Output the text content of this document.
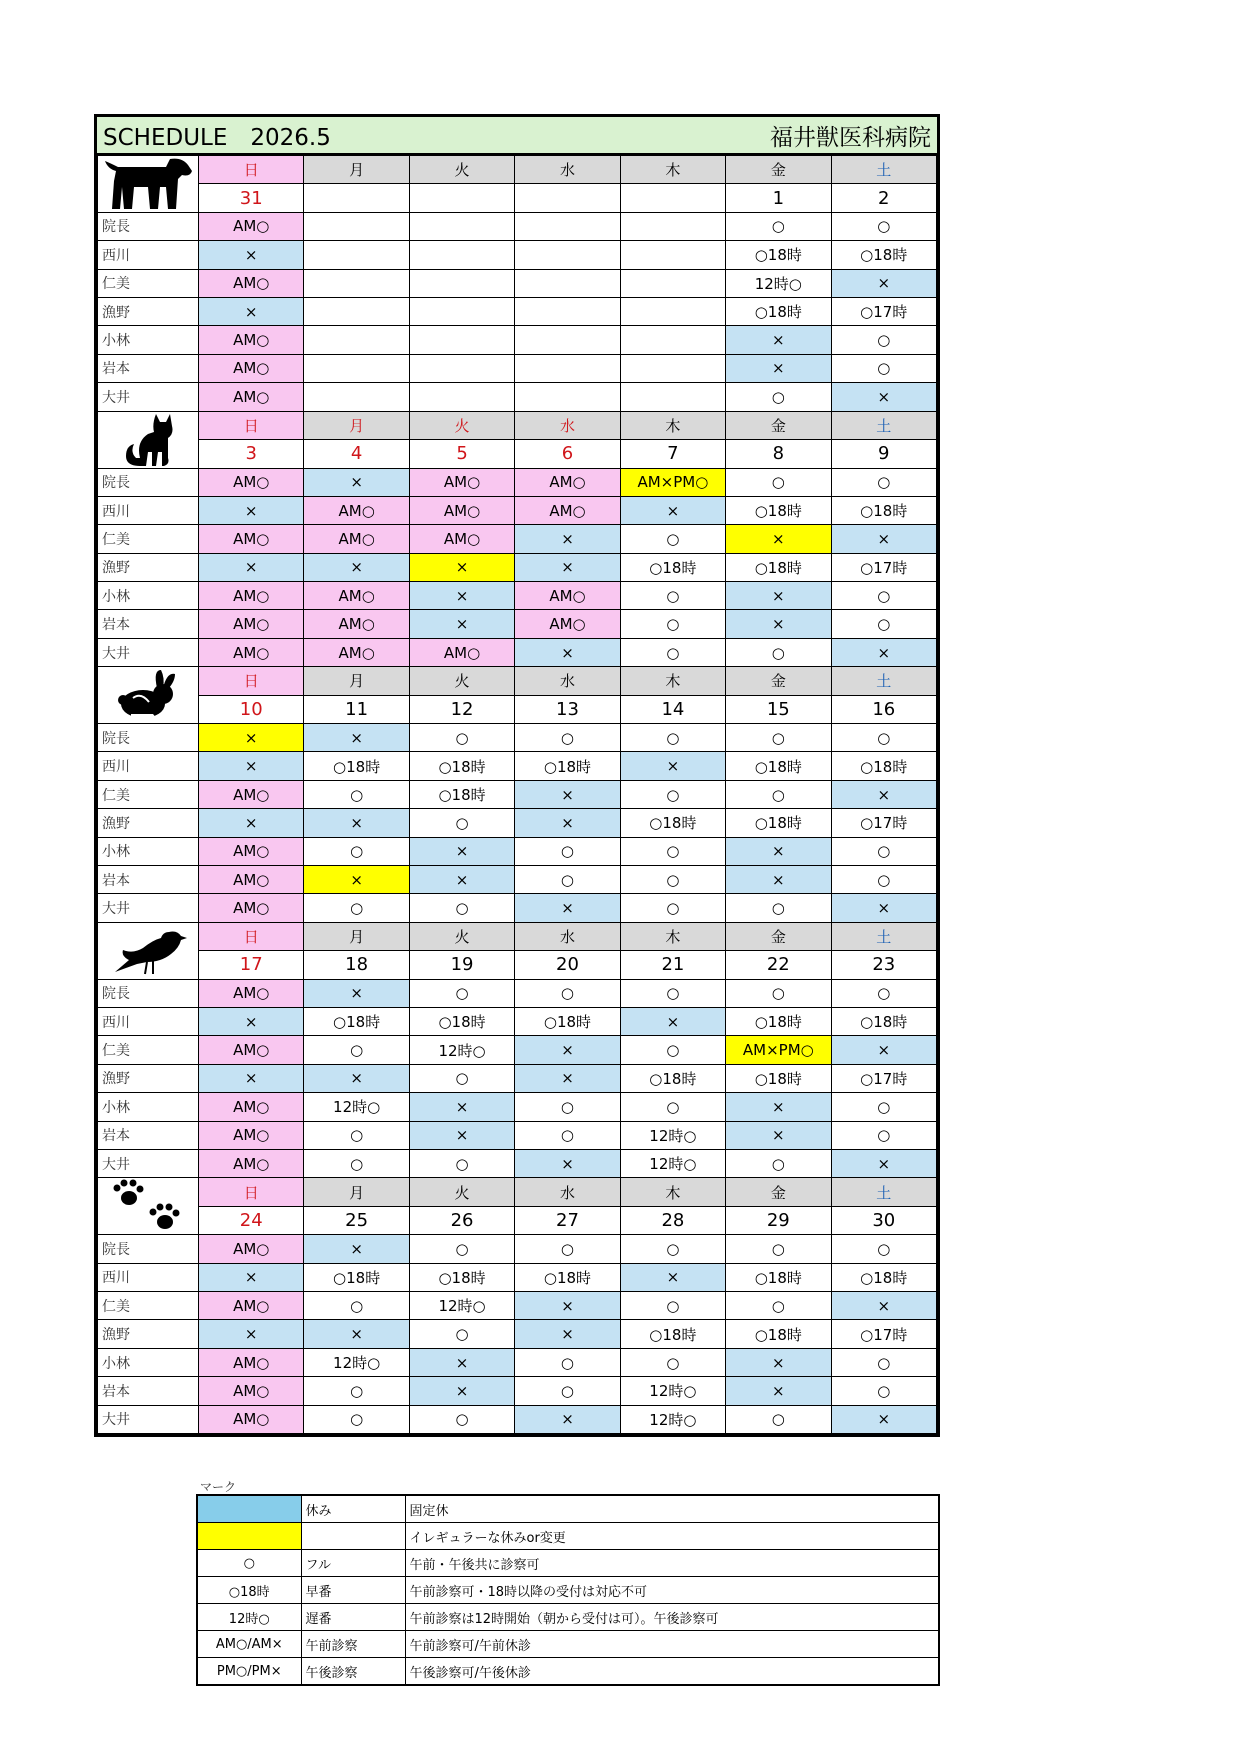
SCHEDULE　2026.5	福井獣医科病院
	日	月	火	水	木	金	土
	31					1	2
院長	AM○					○	○
西川	×					○18時	○18時
仁美	AM○					12時○	×
漁野	×					○18時	○17時
小林	AM○					×	○
岩本	AM○					×	○
大井	AM○					○	×

	日	月	火	水	木	金	土
	3	4	5	6	7	8	9
院長	AM○	×	AM○	AM○	AM×PM○	○	○
西川	×	AM○	AM○	AM○	×	○18時	○18時
仁美	AM○	AM○	AM○	×	○	×	×
漁野	×	×	×	×	○18時	○18時	○17時
小林	AM○	AM○	×	AM○	○	×	○
岩本	AM○	AM○	×	AM○	○	×	○
大井	AM○	AM○	AM○	×	○	○	×

	日	月	火	水	木	金	土
	10	11	12	13	14	15	16
院長	×	×	○	○	○	○	○
西川	×	○18時	○18時	○18時	×	○18時	○18時
仁美	AM○	○	○18時	×	○	○	×
漁野	×	×	○	×	○18時	○18時	○17時
小林	AM○	○	×	○	○	×	○
岩本	AM○	×	×	○	○	×	○
大井	AM○	○	○	×	○	○	×

	日	月	火	水	木	金	土
	17	18	19	20	21	22	23
院長	AM○	×	○	○	○	○	○
西川	×	○18時	○18時	○18時	×	○18時	○18時
仁美	AM○	○	12時○	×	○	AM×PM○	×
漁野	×	×	○	×	○18時	○18時	○17時
小林	AM○	12時○	×	○	○	×	○
岩本	AM○	○	×	○	12時○	×	○
大井	AM○	○	○	×	12時○	○	×

	日	月	火	水	木	金	土
	24	25	26	27	28	29	30
院長	AM○	×	○	○	○	○	○
西川	×	○18時	○18時	○18時	×	○18時	○18時
仁美	AM○	○	12時○	×	○	○	×
漁野	×	×	○	×	○18時	○18時	○17時
小林	AM○	12時○	×	○	○	×	○
岩本	AM○	○	×	○	12時○	×	○
大井	AM○	○	○	×	12時○	○	×
マーク
	休み	固定休
		イレギュラーな休みor変更
○	フル	午前・午後共に診察可
○18時	早番	午前診察可・18時以降の受付は対応不可
12時○	遅番	午前診察は12時開始（朝から受付は可）。午後診察可
AM○/AM×	午前診察	午前診察可/午前休診
PM○/PM×	午後診察	午後診察可/午後休診
